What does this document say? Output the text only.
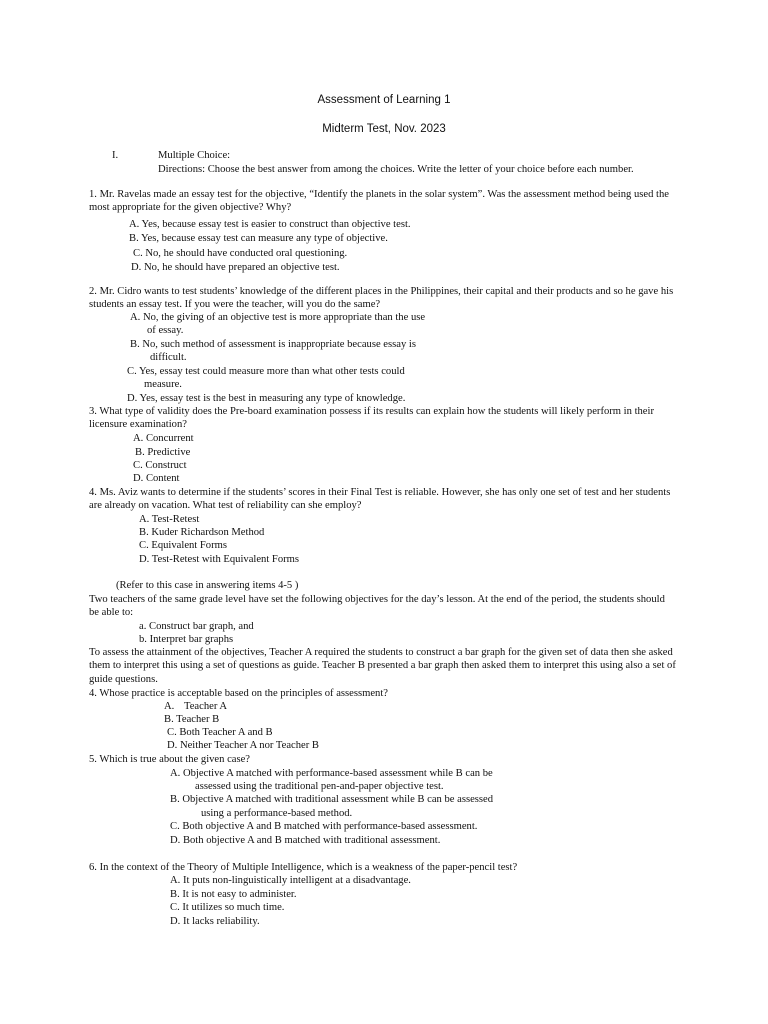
Assessment of Learning 1
Midterm Test, Nov. 2023
I.	Multiple Choice:
Directions: Choose the best answer from among the choices. Write the letter of your choice before each number.
1. Mr. Ravelas made an essay test for the objective, “Identify the planets in the solar system”. Was the assessment method being used the most appropriate for the given objective? Why?
A. Yes, because essay test is easier to construct than objective test.
B. Yes, because essay test can measure any type of objective.
C. No, he should have conducted oral questioning.
D. No, he should have prepared an objective test.
2. Mr. Cidro wants to test students’ knowledge of the different places in the Philippines, their capital and their products and so he gave his students an essay test. If you were the teacher, will you do the same?
A. No, the giving of an objective test is more appropriate than the use
of essay.
B. No, such method of assessment is inappropriate because essay is
difficult.
C. Yes, essay test could measure more than what other tests could
measure.
D. Yes, essay test is the best in measuring any type of knowledge.
3. What type of validity does the Pre-board examination possess if its results can explain how the students will likely perform in their licensure examination?
A. Concurrent
B. Predictive
C. Construct
D. Content
4. Ms. Aviz wants to determine if the students’ scores in their Final Test is reliable. However, she has only one set of test and her students are already on vacation. What test of reliability can she employ?
A. Test-Retest
B. Kuder Richardson Method
C. Equivalent Forms
D. Test-Retest with Equivalent Forms
(Refer to this case in answering items 4-5 )
Two teachers of the same grade level have set the following objectives for the day’s lesson. At the end of the period, the students should be able to:
a. Construct bar graph, and
b. Interpret bar graphs
To assess the attainment of the objectives, Teacher A required the students to construct a bar graph for the given set of data then she asked them to interpret this using a set of questions as guide. Teacher B presented a bar graph then asked them to interpret this using also a set of guide questions.
4. Whose practice is acceptable based on the principles of assessment?
A. Teacher A
B. Teacher B
C. Both Teacher A and B
D. Neither Teacher A nor Teacher B
5. Which is true about the given case?
A. Objective A matched with performance-based assessment while B can be
assessed using the traditional pen-and-paper objective test.
B. Objective A matched with traditional assessment while B can be assessed
using a performance-based method.
C. Both objective A and B matched with performance-based assessment.
D. Both objective A and B matched with traditional assessment.
6. In the context of the Theory of Multiple Intelligence, which is a weakness of the paper-pencil test?
A. It puts non-linguistically intelligent at a disadvantage.
B. It is not easy to administer.
C. It utilizes so much time.
D. It lacks reliability.
